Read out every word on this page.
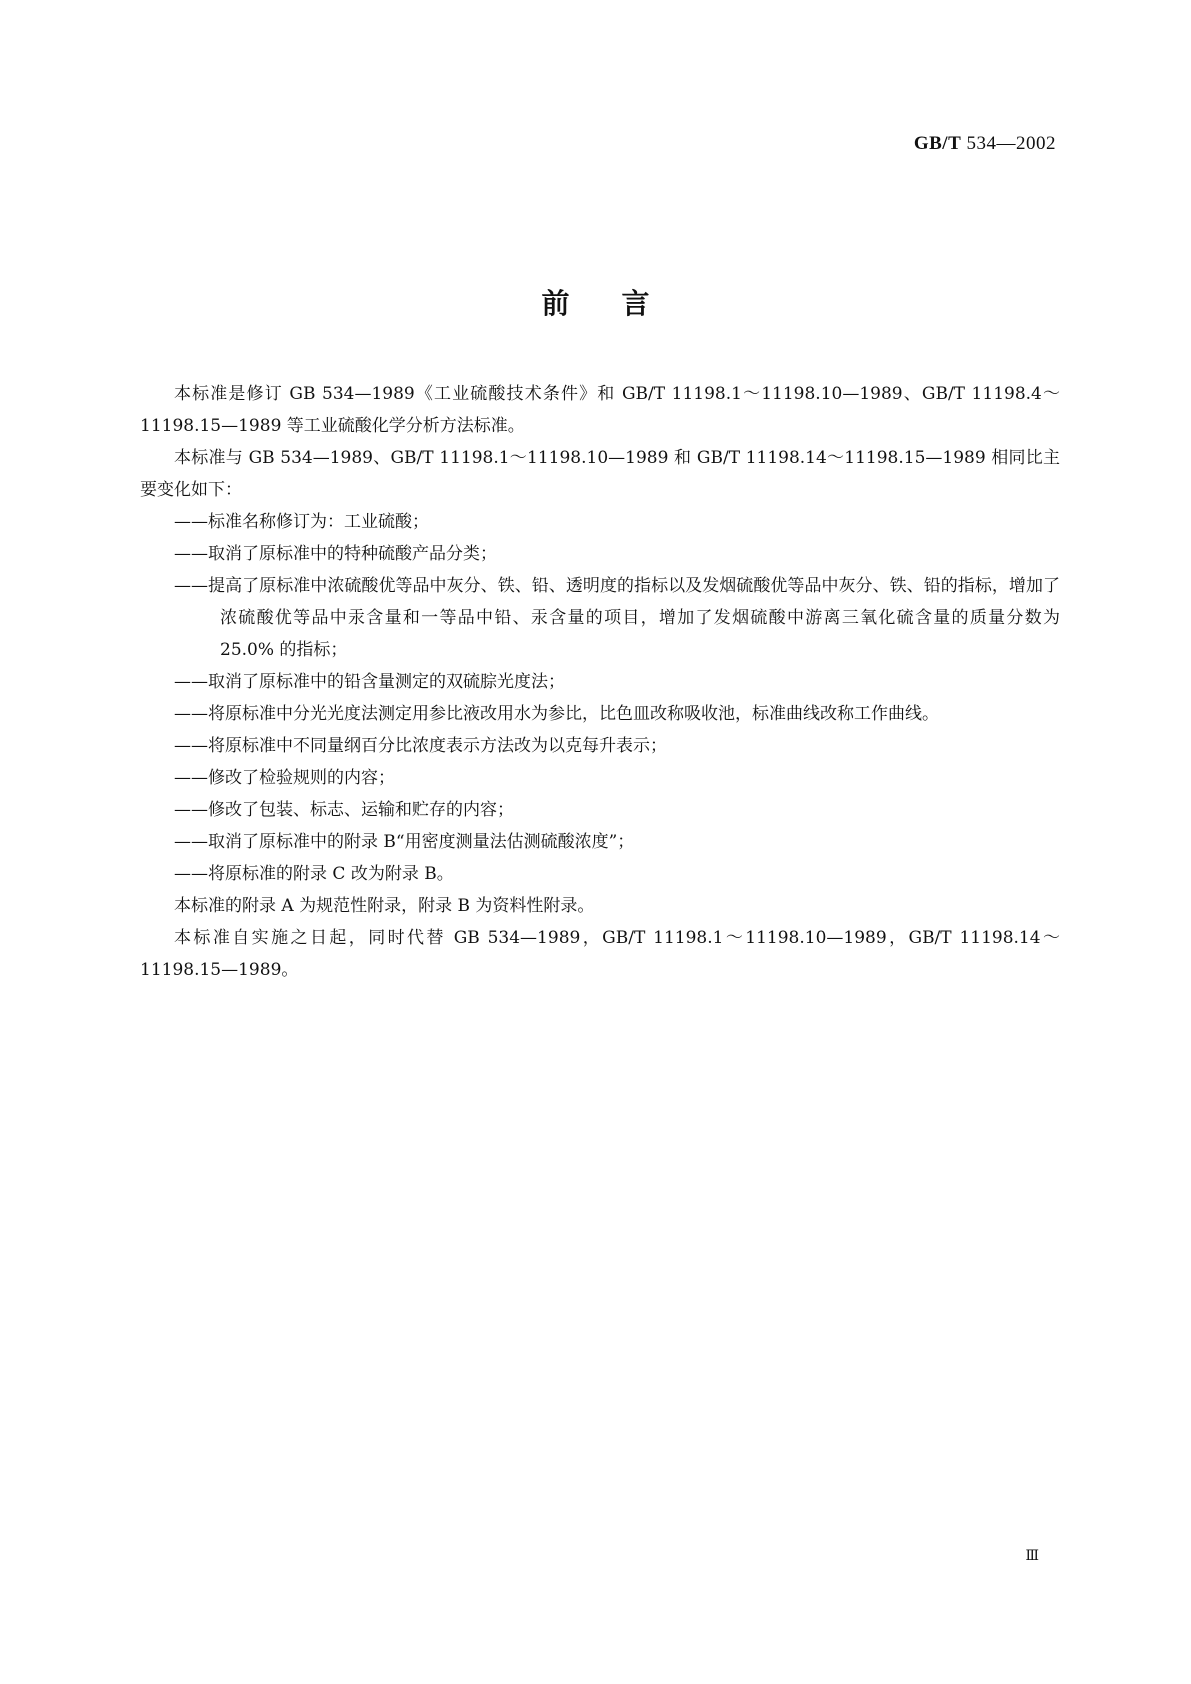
GB/T 534—2002
前言

本标准是修订 GB 534—1989《工业硫酸技术条件》和 GB/T 11198.1～11198.10—1989、GB/T 11198.4～11198.15—1989 等工业硫酸化学分析方法标准。

本标准与 GB 534—1989、GB/T 11198.1～11198.10—1989 和 GB/T 11198.14～11198.15—1989 相同比主要变化如下：

——标准名称修订为：工业硫酸；

——取消了原标准中的特种硫酸产品分类；

——提高了原标准中浓硫酸优等品中灰分、铁、铅、透明度的指标以及发烟硫酸优等品中灰分、铁、铅的指标，增加了浓硫酸优等品中汞含量和一等品中铅、汞含量的项目，增加了发烟硫酸中游离三氧化硫含量的质量分数为 25.0% 的指标；

——取消了原标准中的铅含量测定的双硫腙光度法；

——将原标准中分光光度法测定用参比液改用水为参比，比色皿改称吸收池，标准曲线改称工作曲线。

——将原标准中不同量纲百分比浓度表示方法改为以克每升表示；

——修改了检验规则的内容；

——修改了包装、标志、运输和贮存的内容；

——取消了原标准中的附录 B“用密度测量法估测硫酸浓度”；

——将原标准的附录 C 改为附录 B。

本标准的附录 A 为规范性附录，附录 B 为资料性附录。

本标准自实施之日起，同时代替 GB 534—1989，GB/T 11198.1～11198.10—1989，GB/T 11198.14～11198.15—1989。

Ⅲ
